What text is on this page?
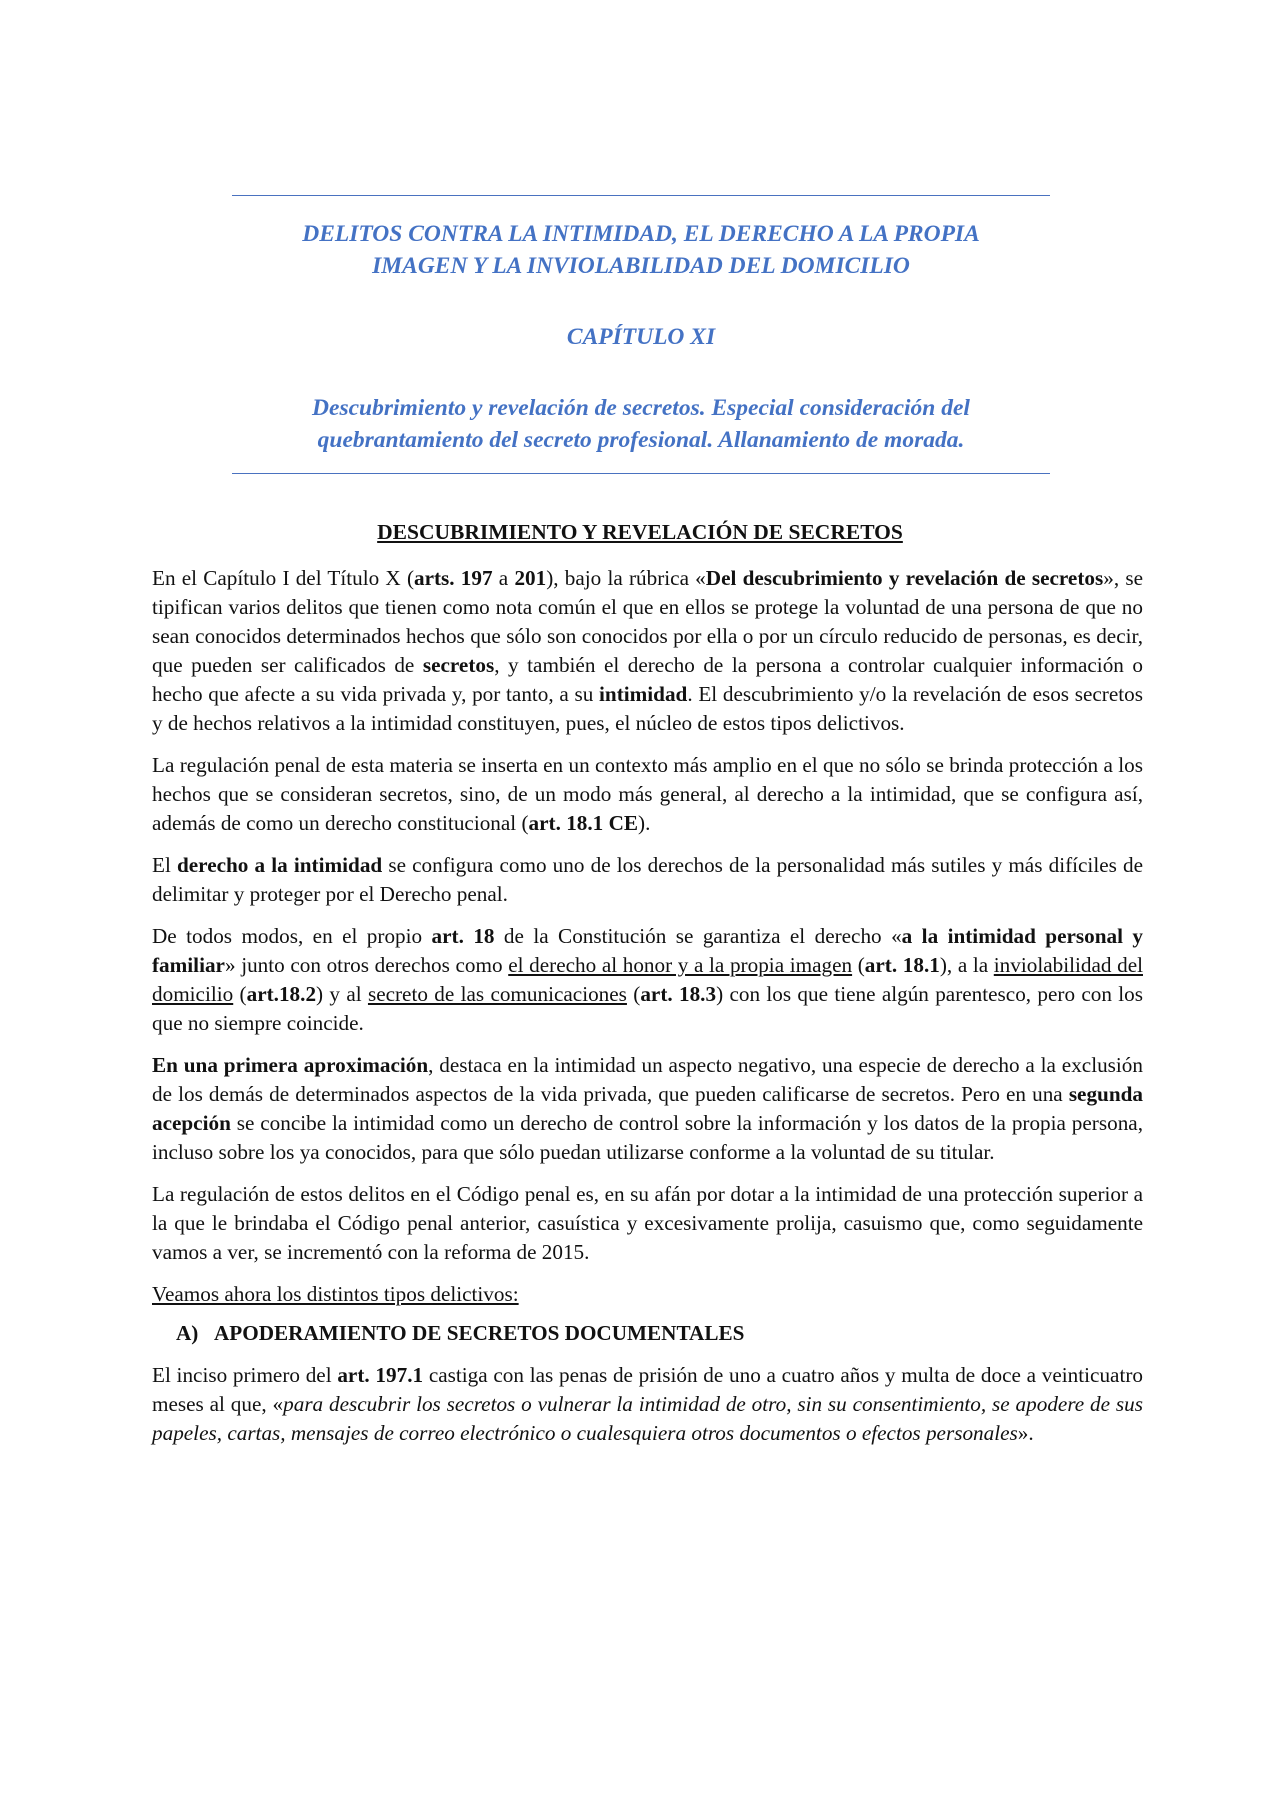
DELITOS CONTRA LA INTIMIDAD, EL DERECHO A LA PROPIA
IMAGEN Y LA INVIOLABILIDAD DEL DOMICILIO
CAPÍTULO XI
Descubrimiento y revelación de secretos. Especial consideración del
quebrantamiento del secreto profesional. Allanamiento de morada.
DESCUBRIMIENTO Y REVELACIÓN DE SECRETOS

En el Capítulo I del Título X (arts. 197 a 201), bajo la rúbrica «Del descubrimiento y revelación de secretos», se tipifican varios delitos que tienen como nota común el que en ellos se protege la voluntad de una persona de que no sean conocidos determinados hechos que sólo son conocidos por ella o por un círculo reducido de personas, es decir, que pueden ser calificados de secretos, y también el derecho de la persona a controlar cualquier información o hecho que afecte a su vida privada y, por tanto, a su intimidad. El descubrimiento y/o la revelación de esos secretos y de hechos relativos a la intimidad constituyen, pues, el núcleo de estos tipos delictivos.

La regulación penal de esta materia se inserta en un contexto más amplio en el que no sólo se brinda protección a los hechos que se consideran secretos, sino, de un modo más general, al derecho a la intimidad, que se configura así, además de como un derecho constitucional (art. 18.1 CE).

El derecho a la intimidad se configura como uno de los derechos de la personalidad más sutiles y más difíciles de delimitar y proteger por el Derecho penal.

De todos modos, en el propio art. 18 de la Constitución se garantiza el derecho «a la intimidad personal y familiar» junto con otros derechos como el derecho al honor y a la propia imagen (art. 18.1), a la inviolabilidad del domicilio (art.18.2) y al secreto de las comunicaciones (art. 18.3) con los que tiene algún parentesco, pero con los que no siempre coincide.

En una primera aproximación, destaca en la intimidad un aspecto negativo, una especie de derecho a la exclusión de los demás de determinados aspectos de la vida privada, que pueden calificarse de secretos. Pero en una segunda acepción se concibe la intimidad como un derecho de control sobre la información y los datos de la propia persona, incluso sobre los ya conocidos, para que sólo puedan utilizarse conforme a la voluntad de su titular.

La regulación de estos delitos en el Código penal es, en su afán por dotar a la intimidad de una protección superior a la que le brindaba el Código penal anterior, casuística y excesivamente prolija, casuismo que, como seguidamente vamos a ver, se incrementó con la reforma de 2015.

Veamos ahora los distintos tipos delictivos:

A) APODERAMIENTO DE SECRETOS DOCUMENTALES

El inciso primero del art. 197.1 castiga con las penas de prisión de uno a cuatro años y multa de doce a veinticuatro meses al que, «para descubrir los secretos o vulnerar la intimidad de otro, sin su consentimiento, se apodere de sus papeles, cartas, mensajes de correo electrónico o cualesquiera otros documentos o efectos personales».
